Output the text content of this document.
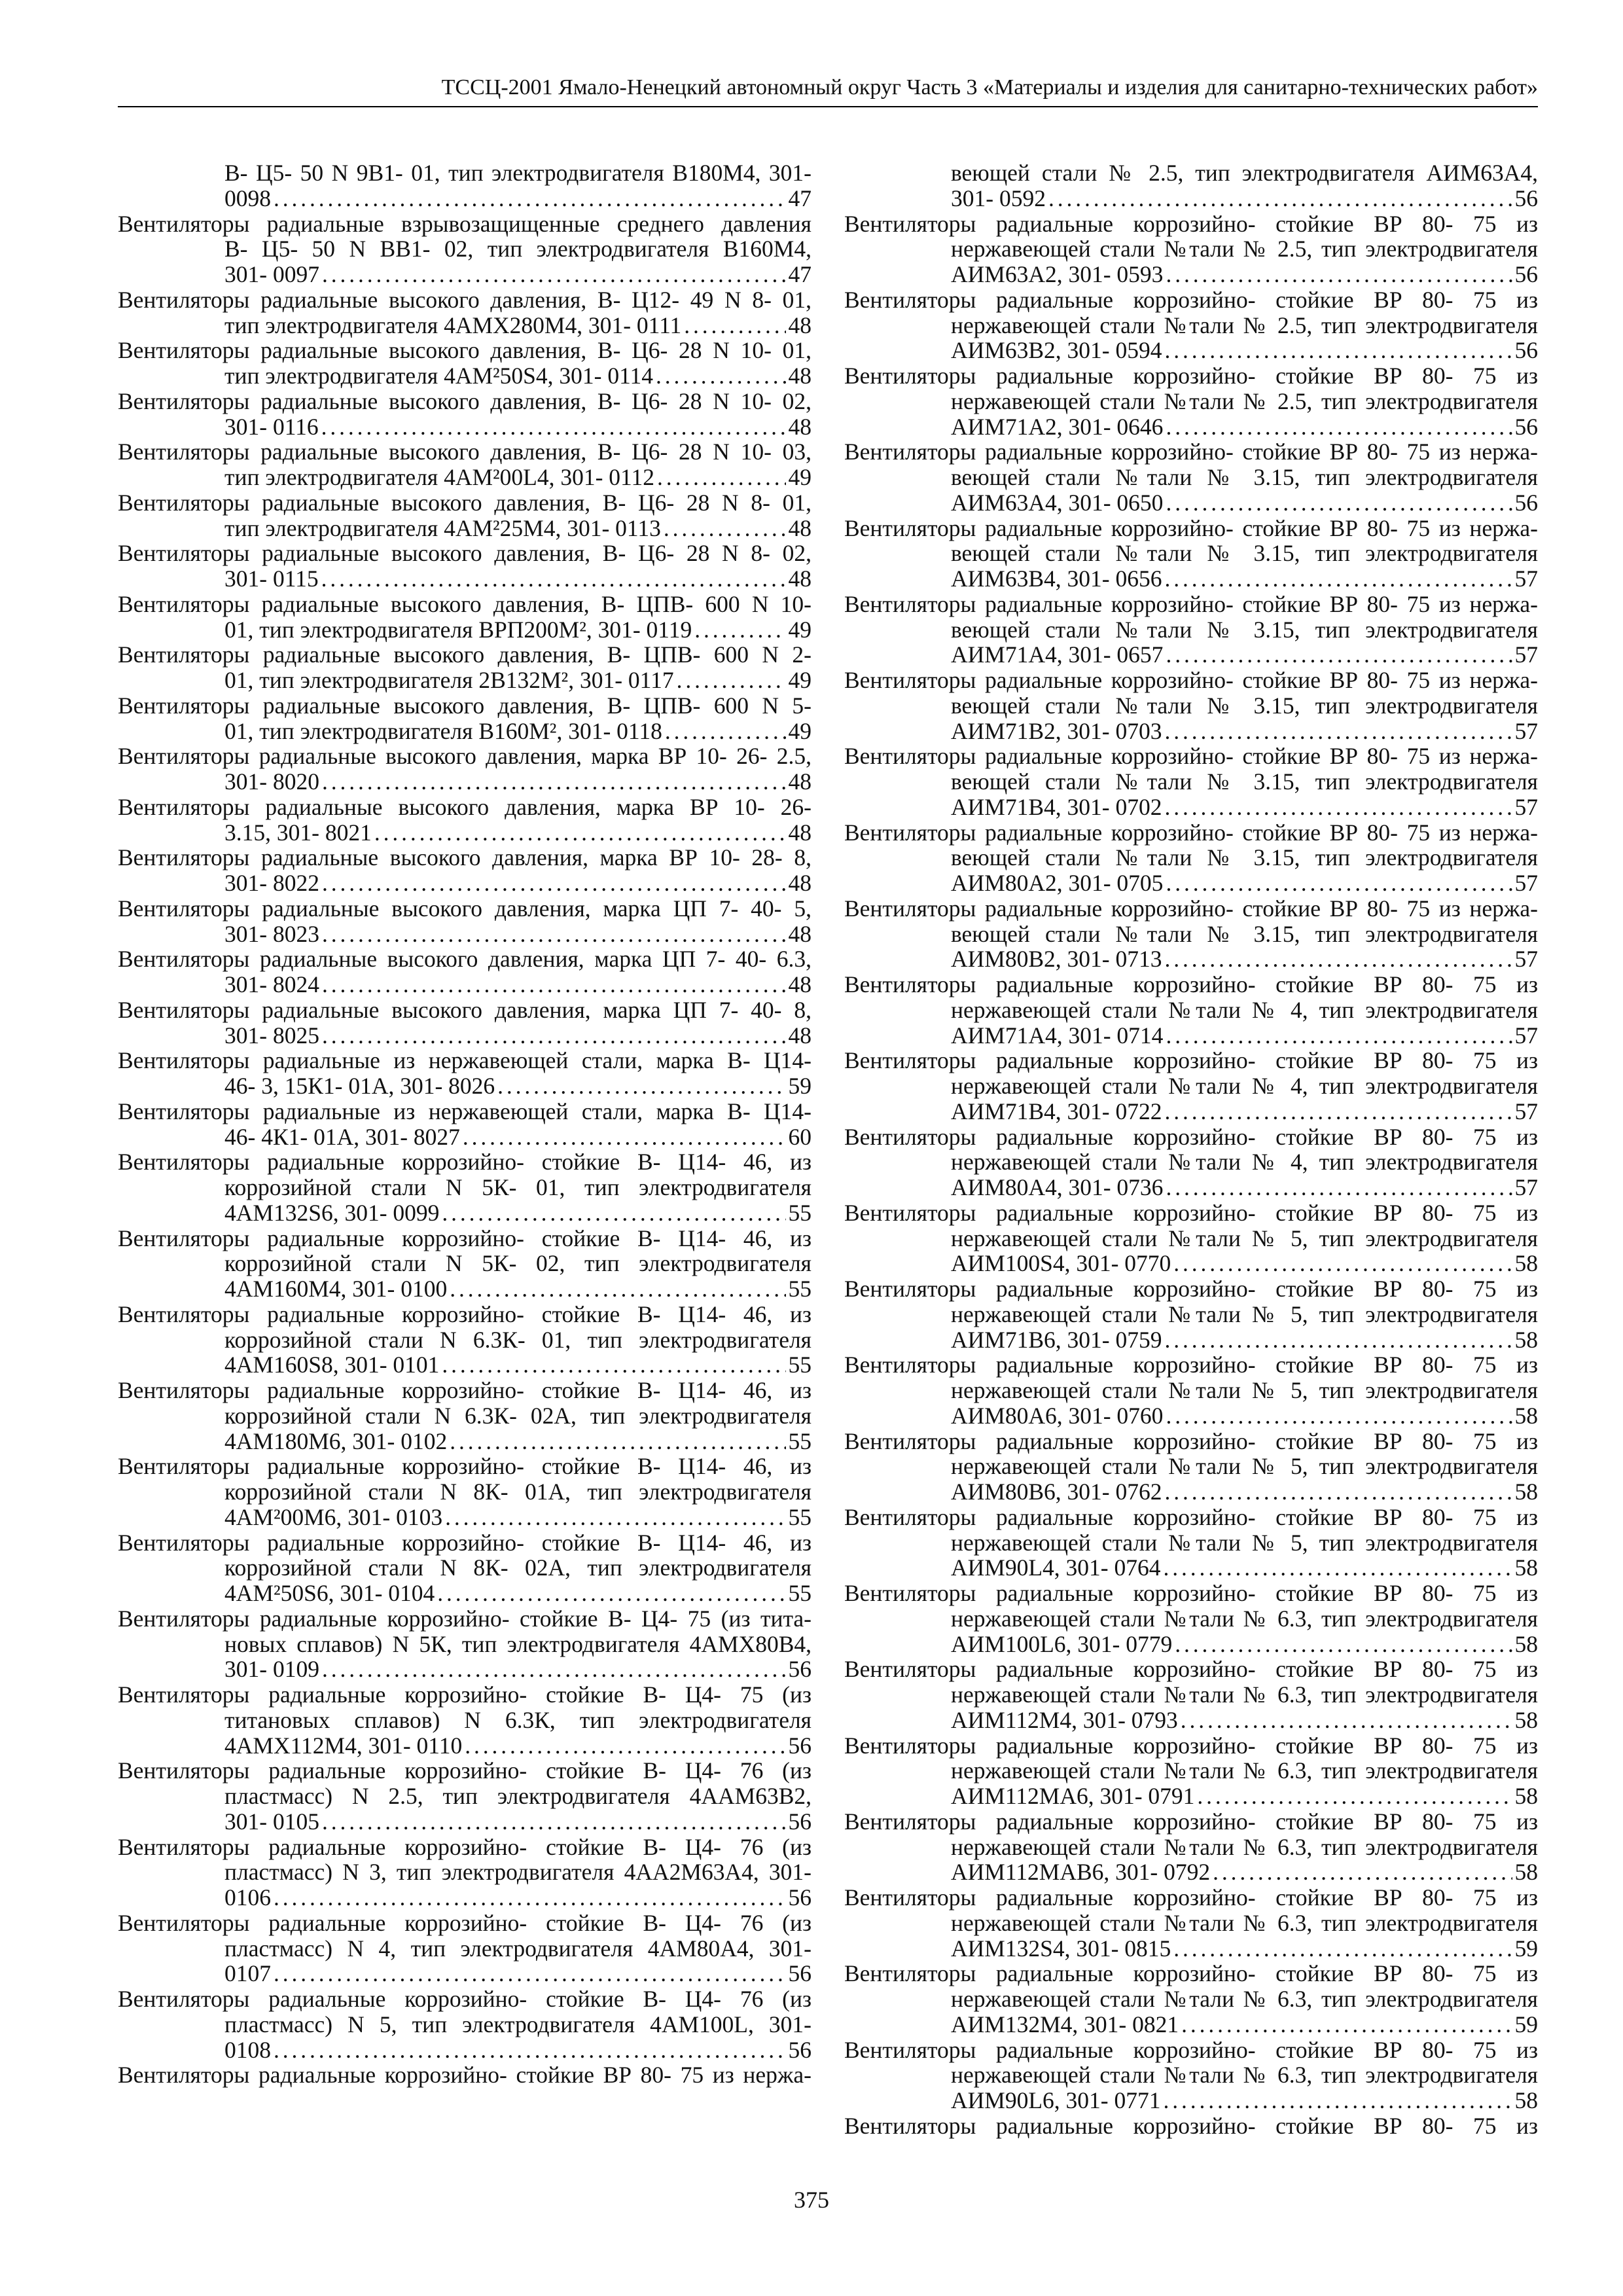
ТССЦ-2001 Ямало-Ненецкий автономный округ Часть 3 «Материалы и изделия для санитарно-технических работ»
В- Ц5- 50 N 9В1- 01, тип электродвигателя В180М4, 301-
0098 . . .	47
Вентиляторы радиальные взрывозащищенные среднего давления
В- Ц5- 50 N ВВ1- 02, тип электродвигателя В160М4,
301- 0097 . . .	47
Вентиляторы радиальные высокого давления, В- Ц12- 49 N 8- 01,
тип электродвигателя 4АМХ280М4, 301- 0111 . . .	48
Вентиляторы радиальные высокого давления, В- Ц6- 28 N 10- 01,
тип электродвигателя 4АМ²50S4, 301- 0114 . . .	48
Вентиляторы радиальные высокого давления, В- Ц6- 28 N 10- 02,
301- 0116 . . .	48
Вентиляторы радиальные высокого давления, В- Ц6- 28 N 10- 03,
тип электродвигателя 4АМ²00L4, 301- 0112 . . .	49
Вентиляторы радиальные высокого давления, В- Ц6- 28 N 8- 01,
тип электродвигателя 4АМ²25М4, 301- 0113 . . .	48
Вентиляторы радиальные высокого давления, В- Ц6- 28 N 8- 02,
301- 0115 . . .	48
Вентиляторы радиальные высокого давления, В- ЦПВ- 600 N 10-
01, тип электродвигателя ВРП200М², 301- 0119 . . .	49
Вентиляторы радиальные высокого давления, В- ЦПВ- 600 N 2-
01, тип электродвигателя 2В132М², 301- 0117 . . .	49
Вентиляторы радиальные высокого давления, В- ЦПВ- 600 N 5-
01, тип электродвигателя В160М², 301- 0118 . . .	49
Вентиляторы радиальные высокого давления, марка ВР 10- 26- 2.5,
301- 8020 . . .	48
Вентиляторы радиальные высокого давления, марка ВР 10- 26-
3.15, 301- 8021 . . .	48
Вентиляторы радиальные высокого давления, марка ВР 10- 28- 8,
301- 8022 . . .	48
Вентиляторы радиальные высокого давления, марка ЦП 7- 40- 5,
301- 8023 . . .	48
Вентиляторы радиальные высокого давления, марка ЦП 7- 40- 6.3,
301- 8024 . . .	48
Вентиляторы радиальные высокого давления, марка ЦП 7- 40- 8,
301- 8025 . . .	48
Вентиляторы радиальные из нержавеющей стали, марка В- Ц14-
46- 3, 15К1- 01А, 301- 8026 . . .	59
Вентиляторы радиальные из нержавеющей стали, марка В- Ц14-
46- 4К1- 01А, 301- 8027 . . .	60
Вентиляторы радиальные коррозийно- стойкие В- Ц14- 46, из
коррозийной стали N 5К- 01, тип электродвигателя
4АМ132S6, 301- 0099 . . .	55
Вентиляторы радиальные коррозийно- стойкие В- Ц14- 46, из
коррозийной стали N 5К- 02, тип электродвигателя
4АМ160М4, 301- 0100 . . .	55
Вентиляторы радиальные коррозийно- стойкие В- Ц14- 46, из
коррозийной стали N 6.3К- 01, тип электродвигателя
4АМ160S8, 301- 0101 . . .	55
Вентиляторы радиальные коррозийно- стойкие В- Ц14- 46, из
коррозийной стали N 6.3К- 02А, тип электродвигателя
4АМ180М6, 301- 0102 . . .	55
Вентиляторы радиальные коррозийно- стойкие В- Ц14- 46, из
коррозийной стали N 8К- 01А, тип электродвигателя
4АМ²00М6, 301- 0103 . . .	55
Вентиляторы радиальные коррозийно- стойкие В- Ц14- 46, из
коррозийной стали N 8К- 02А, тип электродвигателя
4АМ²50S6, 301- 0104 . . .	55
Вентиляторы радиальные коррозийно- стойкие В- Ц4- 75 (из тита-
новых сплавов) N 5К, тип электродвигателя 4АМХ80В4,
301- 0109 . . .	56
Вентиляторы радиальные коррозийно- стойкие В- Ц4- 75 (из
титановых сплавов) N 6.3К, тип электродвигателя
4АМХ112М4, 301- 0110 . . .	56
Вентиляторы радиальные коррозийно- стойкие В- Ц4- 76 (из
пластмасс) N 2.5, тип электродвигателя 4ААМ63В2,
301- 0105 . . .	56
Вентиляторы радиальные коррозийно- стойкие В- Ц4- 76 (из
пластмасс) N 3, тип электродвигателя 4АА2М63А4, 301-
0106 . . .	56
Вентиляторы радиальные коррозийно- стойкие В- Ц4- 76 (из
пластмасс) N 4, тип электродвигателя 4АМ80А4, 301-
0107 . . .	56
Вентиляторы радиальные коррозийно- стойкие В- Ц4- 76 (из
пластмасс) N 5, тип электродвигателя 4АМ100L, 301-
0108 . . .	56
Вентиляторы радиальные коррозийно- стойкие ВР 80- 75 из нержа-
веющей стали № 2.5, тип электродвигателя АИМ63А4,
301- 0592 . . .	56
Вентиляторы радиальные коррозийно- стойкие ВР 80- 75 из
нержавеющей стали №тали № 2.5, тип электродвигателя
АИМ63А2, 301- 0593 . . .	56
Вентиляторы радиальные коррозийно- стойкие ВР 80- 75 из
нержавеющей стали №тали № 2.5, тип электродвигателя
АИМ63В2, 301- 0594 . . .	56
Вентиляторы радиальные коррозийно- стойкие ВР 80- 75 из
нержавеющей стали №тали № 2.5, тип электродвигателя
АИМ71А2, 301- 0646 . . .	56
Вентиляторы радиальные коррозийно- стойкие ВР 80- 75 из нержа-
веющей стали №тали № 3.15, тип электродвигателя
АИМ63А4, 301- 0650 . . .	56
Вентиляторы радиальные коррозийно- стойкие ВР 80- 75 из нержа-
веющей стали №тали № 3.15, тип электродвигателя
АИМ63В4, 301- 0656 . . .	57
Вентиляторы радиальные коррозийно- стойкие ВР 80- 75 из нержа-
веющей стали №тали № 3.15, тип электродвигателя
АИМ71А4, 301- 0657 . . .	57
Вентиляторы радиальные коррозийно- стойкие ВР 80- 75 из нержа-
веющей стали №тали № 3.15, тип электродвигателя
АИМ71В2, 301- 0703 . . .	57
Вентиляторы радиальные коррозийно- стойкие ВР 80- 75 из нержа-
веющей стали №тали № 3.15, тип электродвигателя
АИМ71В4, 301- 0702 . . .	57
Вентиляторы радиальные коррозийно- стойкие ВР 80- 75 из нержа-
веющей стали №тали № 3.15, тип электродвигателя
АИМ80А2, 301- 0705 . . .	57
Вентиляторы радиальные коррозийно- стойкие ВР 80- 75 из нержа-
веющей стали №тали № 3.15, тип электродвигателя
АИМ80В2, 301- 0713 . . .	57
Вентиляторы радиальные коррозийно- стойкие ВР 80- 75 из
нержавеющей стали №тали № 4, тип электродвигателя
АИМ71А4, 301- 0714 . . .	57
Вентиляторы радиальные коррозийно- стойкие ВР 80- 75 из
нержавеющей стали №тали № 4, тип электродвигателя
АИМ71В4, 301- 0722 . . .	57
Вентиляторы радиальные коррозийно- стойкие ВР 80- 75 из
нержавеющей стали №тали № 4, тип электродвигателя
АИМ80А4, 301- 0736 . . .	57
Вентиляторы радиальные коррозийно- стойкие ВР 80- 75 из
нержавеющей стали №тали № 5, тип электродвигателя
АИМ100S4, 301- 0770 . . .	58
Вентиляторы радиальные коррозийно- стойкие ВР 80- 75 из
нержавеющей стали №тали № 5, тип электродвигателя
АИМ71В6, 301- 0759 . . .	58
Вентиляторы радиальные коррозийно- стойкие ВР 80- 75 из
нержавеющей стали №тали № 5, тип электродвигателя
АИМ80А6, 301- 0760 . . .	58
Вентиляторы радиальные коррозийно- стойкие ВР 80- 75 из
нержавеющей стали №тали № 5, тип электродвигателя
АИМ80В6, 301- 0762 . . .	58
Вентиляторы радиальные коррозийно- стойкие ВР 80- 75 из
нержавеющей стали №тали № 5, тип электродвигателя
АИМ90L4, 301- 0764 . . .	58
Вентиляторы радиальные коррозийно- стойкие ВР 80- 75 из
нержавеющей стали №тали № 6.3, тип электродвигателя
АИМ100L6, 301- 0779 . . .	58
Вентиляторы радиальные коррозийно- стойкие ВР 80- 75 из
нержавеющей стали №тали № 6.3, тип электродвигателя
АИМ112М4, 301- 0793 . . .	58
Вентиляторы радиальные коррозийно- стойкие ВР 80- 75 из
нержавеющей стали №тали № 6.3, тип электродвигателя
АИМ112МА6, 301- 0791 . . .	58
Вентиляторы радиальные коррозийно- стойкие ВР 80- 75 из
нержавеющей стали №тали № 6.3, тип электродвигателя
АИМ112МАВ6, 301- 0792 . . .	58
Вентиляторы радиальные коррозийно- стойкие ВР 80- 75 из
нержавеющей стали №тали № 6.3, тип электродвигателя
АИМ132S4, 301- 0815 . . .	59
Вентиляторы радиальные коррозийно- стойкие ВР 80- 75 из
нержавеющей стали №тали № 6.3, тип электродвигателя
АИМ132М4, 301- 0821 . . .	59
Вентиляторы радиальные коррозийно- стойкие ВР 80- 75 из
нержавеющей стали №тали № 6.3, тип электродвигателя
АИМ90L6, 301- 0771 . . .	58
Вентиляторы радиальные коррозийно- стойкие ВР 80- 75 из
375
